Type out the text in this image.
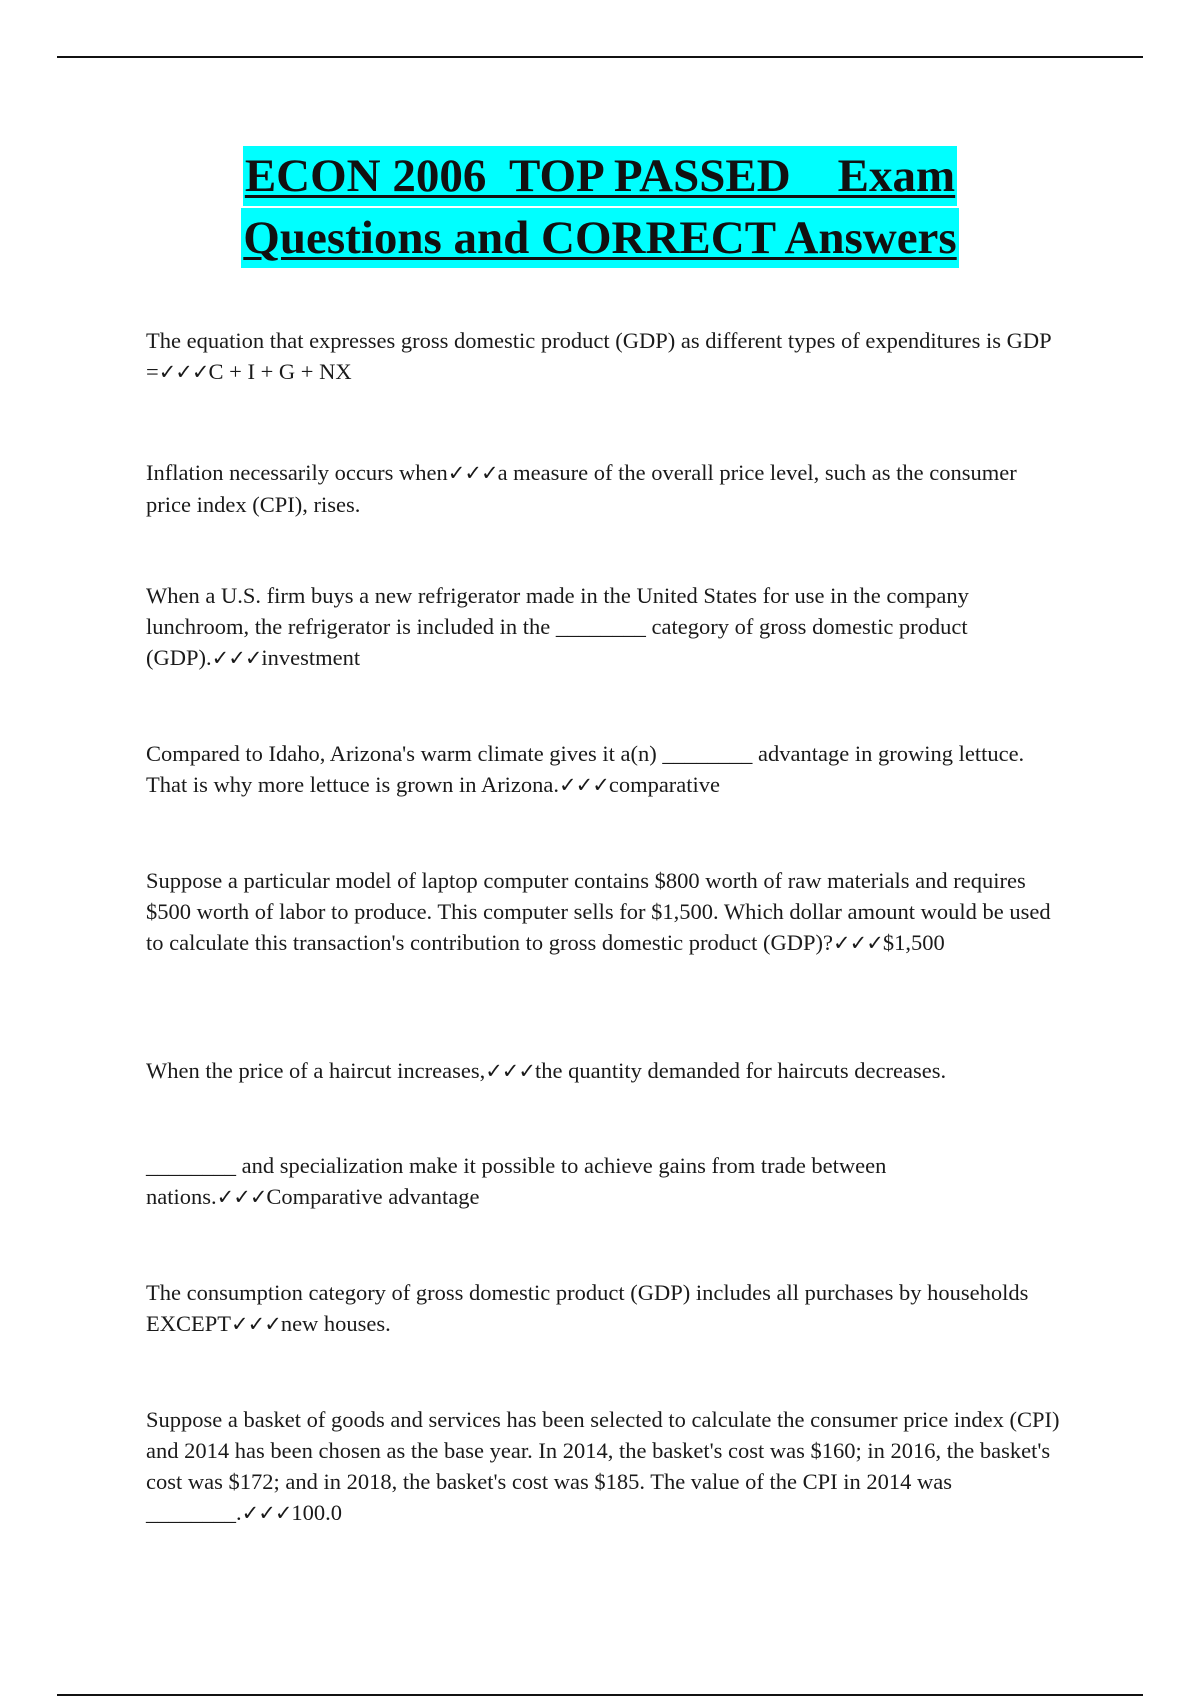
ECON 2006  TOP PASSED    Exam
Questions and CORRECT Answers

The equation that expresses gross domestic product (GDP) as different types of expenditures is GDP =✓✓✓C + I + G + NX

Inflation necessarily occurs when✓✓✓a measure of the overall price level, such as the consumer price index (CPI), rises.

When a U.S. firm buys a new refrigerator made in the United States for use in the company lunchroom, the refrigerator is included in the ________ category of gross domestic product (GDP).✓✓✓investment

Compared to Idaho, Arizona's warm climate gives it a(n) ________ advantage in growing lettuce. That is why more lettuce is grown in Arizona.✓✓✓comparative

Suppose a particular model of laptop computer contains $800 worth of raw materials and requires $500 worth of labor to produce. This computer sells for $1,500. Which dollar amount would be used to calculate this transaction's contribution to gross domestic product (GDP)?✓✓✓$1,500

When the price of a haircut increases,✓✓✓the quantity demanded for haircuts decreases.

________ and specialization make it possible to achieve gains from trade between nations.✓✓✓Comparative advantage

The consumption category of gross domestic product (GDP) includes all purchases by households EXCEPT✓✓✓new houses.

Suppose a basket of goods and services has been selected to calculate the consumer price index (CPI) and 2014 has been chosen as the base year. In 2014, the basket's cost was $160; in 2016, the basket's cost was $172; and in 2018, the basket's cost was $185. The value of the CPI in 2014 was ________.✓✓✓100.0
